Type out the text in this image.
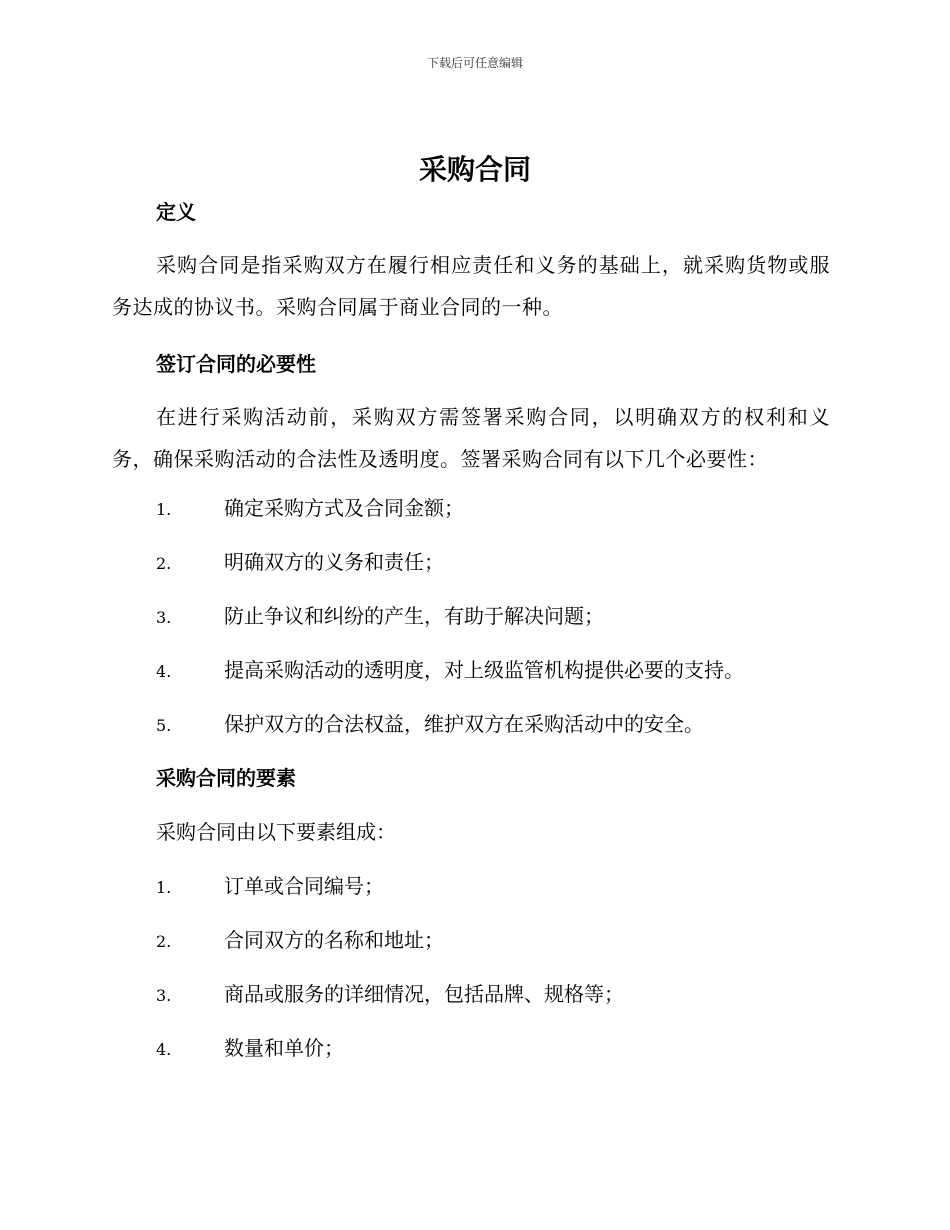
下载后可任意编辑
采购合同
定义

采购合同是指采购双方在履行相应责任和义务的基础上，就采购货物或服务达成的协议书。采购合同属于商业合同的一种。

签订合同的必要性

在进行采购活动前，采购双方需签署采购合同，以明确双方的权利和义务，确保采购活动的合法性及透明度。签署采购合同有以下几个必要性：

1.	确定采购方式及合同金额；
2.	明确双方的义务和责任；
3.	防止争议和纠纷的产生，有助于解决问题；
4.	提高采购活动的透明度，对上级监管机构提供必要的支持。
5.	保护双方的合法权益，维护双方在采购活动中的安全。
采购合同的要素

采购合同由以下要素组成：

1.	订单或合同编号；
2.	合同双方的名称和地址；
3.	商品或服务的详细情况，包括品牌、规格等；
4.	数量和单价；
